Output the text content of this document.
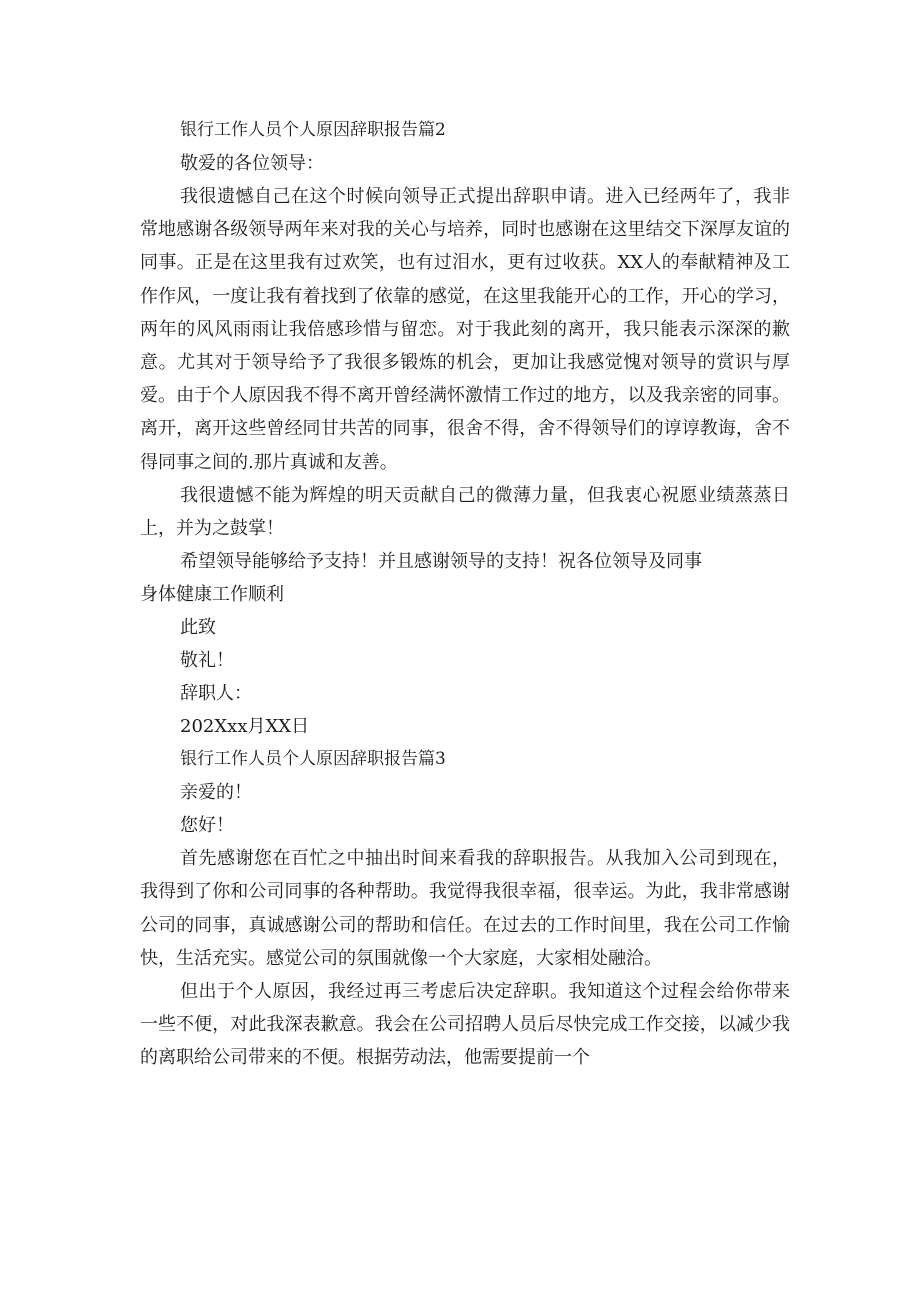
银行工作人员个人原因辞职报告篇2
敬爱的各位领导：

我很遗憾自己在这个时候向领导正式提出辞职申请。进入已经两年了，我非常地感谢各级领导两年来对我的关心与培养，同时也感谢在这里结交下深厚友谊的同事。正是在这里我有过欢笑，也有过泪水，更有过收获。XX人的奉献精神及工作作风，一度让我有着找到了依靠的感觉，在这里我能开心的工作，开心的学习，两年的风风雨雨让我倍感珍惜与留恋。对于我此刻的离开，我只能表示深深的歉意。尤其对于领导给予了我很多锻炼的机会，更加让我感觉愧对领导的赏识与厚爱。由于个人原因我不得不离开曾经满怀激情工作过的地方，以及我亲密的同事。离开，离开这些曾经同甘共苦的同事，很舍不得，舍不得领导们的谆谆教诲，舍不得同事之间的.那片真诚和友善。

我很遗憾不能为辉煌的明天贡献自己的微薄力量，但我衷心祝愿业绩蒸蒸日上，并为之鼓掌！

希望领导能够给予支持！并且感谢领导的支持！祝各位领导及同事
身体健康工作顺利
此致
敬礼！
辞职人：
202Xxx月XX日
银行工作人员个人原因辞职报告篇3
亲爱的！
您好！

首先感谢您在百忙之中抽出时间来看我的辞职报告。从我加入公司到现在，我得到了你和公司同事的各种帮助。我觉得我很幸福，很幸运。为此，我非常感谢公司的同事，真诚感谢公司的帮助和信任。在过去的工作时间里，我在公司工作愉快，生活充实。感觉公司的氛围就像一个大家庭，大家相处融洽。

但出于个人原因，我经过再三考虑后决定辞职。我知道这个过程会给你带来一些不便，对此我深表歉意。我会在公司招聘人员后尽快完成工作交接，以减少我的离职给公司带来的不便。根据劳动法，他需要提前一个
